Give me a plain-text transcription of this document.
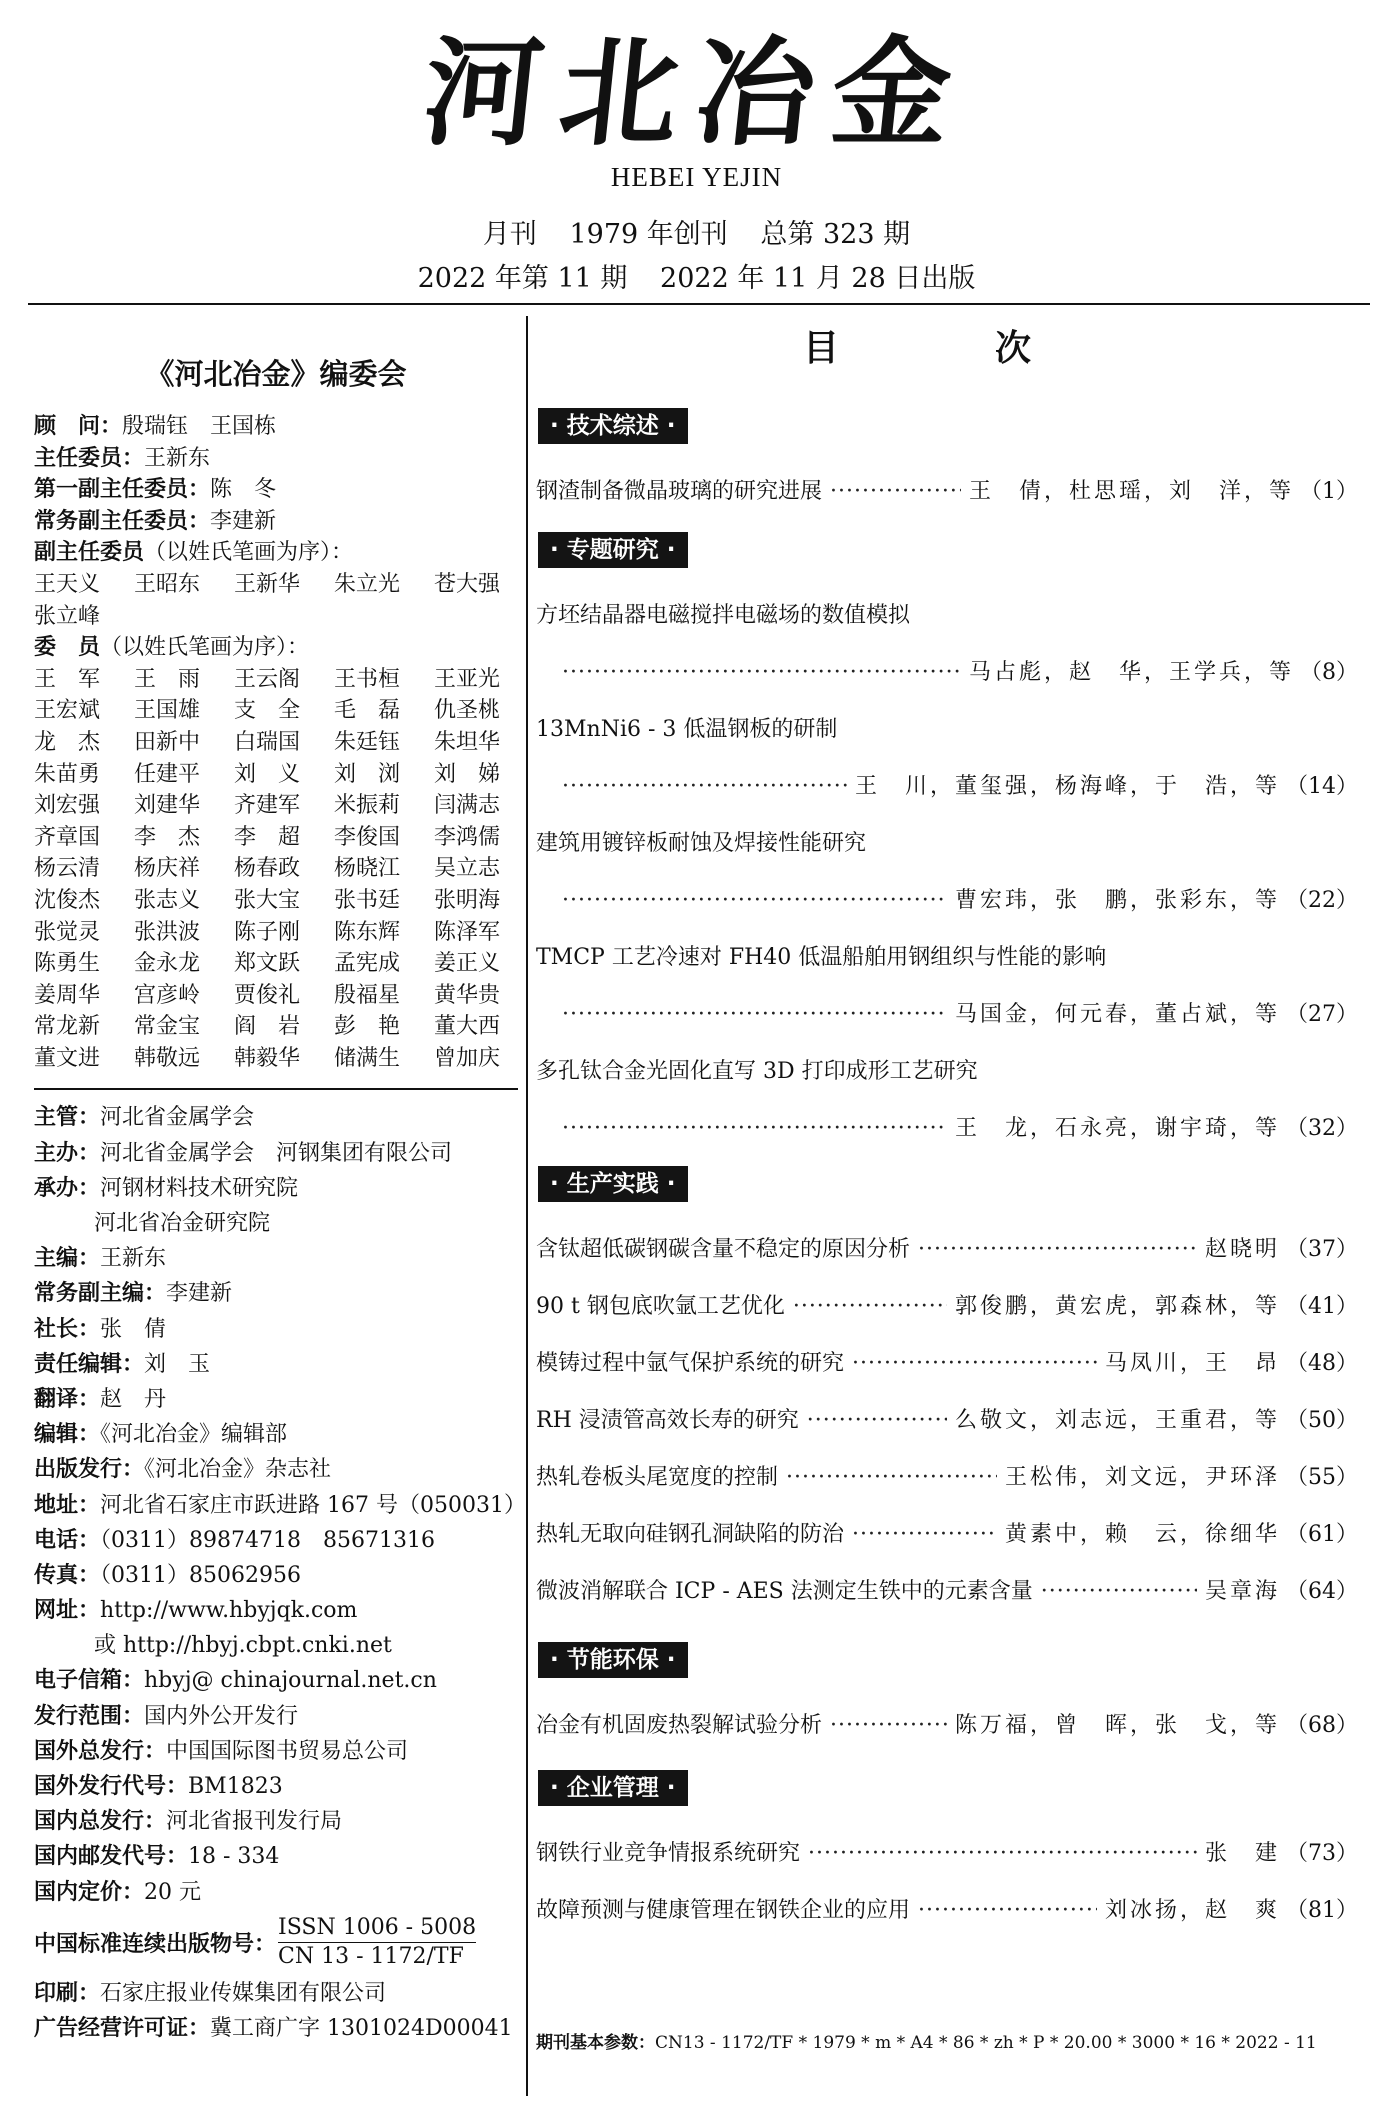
河北冶金
HEBEI YEJIN
月刊 1979 年创刊 总第 323 期
2022 年第 11 期 2022 年 11 月 28 日出版
《河北冶金》编委会
顾　问：殷瑞钰　王国栋
主任委员：王新东
第一副主任委员：陈　冬
常务副主任委员：李建新
副主任委员（以姓氏笔画为序）：
王天义	王昭东	王新华	朱立光	苍大强
张立峰
委　员（以姓氏笔画为序）：
王　军	王　雨	王云阁	王书桓	王亚光
王宏斌	王国雄	支　全	毛　磊	仇圣桃
龙　杰	田新中	白瑞国	朱廷钰	朱坦华
朱苗勇	任建平	刘　义	刘　浏	刘　娣
刘宏强	刘建华	齐建军	米振莉	闫满志
齐章国	李　杰	李　超	李俊国	李鸿儒
杨云清	杨庆祥	杨春政	杨晓江	吴立志
沈俊杰	张志义	张大宝	张书廷	张明海
张觉灵	张洪波	陈子刚	陈东辉	陈泽军
陈勇生	金永龙	郑文跃	孟宪成	姜正义
姜周华	宫彦岭	贾俊礼	殷福星	黄华贵
常龙新	常金宝	阎　岩	彭　艳	董大西
董文进	韩敬远	韩毅华	储满生	曾加庆
主管：河北省金属学会
主办：河北省金属学会　河钢集团有限公司
承办：河钢材料技术研究院
河北省冶金研究院
主编：王新东
常务副主编：李建新
社长：张　倩
责任编辑：刘　玉
翻译：赵　丹
编辑：《河北冶金》编辑部
出版发行：《河北冶金》杂志社
地址：河北省石家庄市跃进路 167 号（050031）
电话：（0311）89874718　85671316
传真：（0311）85062956
网址：http://www.hbyjqk.com
或 http://hbyj.cbpt.cnki.net
电子信箱：hbyj@ chinajournal.net.cn
发行范围：国内外公开发行
国外总发行：中国国际图书贸易总公司
国外发行代号：BM1823
国内总发行：河北省报刊发行局
国内邮发代号：18 - 334
国内定价：20 元
中国标准连续出版物号： $\frac{\text{ISSN 1006 - 5008}}{CN 13 - 1172/TF}$
印刷：石家庄报业传媒集团有限公司
广告经营许可证：冀工商广字 1301024D00041
目　次
· 技术综述 ·
钢渣制备微晶玻璃的研究进展 ·····	王　倩，杜思瑶，刘　洋，等 （1）
· 专题研究 ·
方坯结晶器电磁搅拌电磁场的数值模拟
·····
马占彪，赵　华，王学兵，等 （8）
13MnNi6 - 3 低温钢板的研制
·····
王　川，董玺强，杨海峰，于　浩，等 （14）
建筑用镀锌板耐蚀及焊接性能研究
·····
曹宏玮，张　鹏，张彩东，等 （22）
TMCP 工艺冷速对 FH40 低温船舶用钢组织与性能的影响
·····
马国金，何元春，董占斌，等 （27）
多孔钛合金光固化直写 3D 打印成形工艺研究
·····
王　龙，石永亮，谢宇琦，等 （32）
· 生产实践 ·
含钛超低碳钢碳含量不稳定的原因分析 ·····	赵晓明 （37）
90 t 钢包底吹氩工艺优化 ·····	郭俊鹏，黄宏虎，郭森林，等 （41）
模铸过程中氩气保护系统的研究 ·····	马凤川，王　昂 （48）
RH 浸渍管高效长寿的研究 ·····	么敬文，刘志远，王重君，等 （50）
热轧卷板头尾宽度的控制 ·····	王松伟，刘文远，尹环泽 （55）
热轧无取向硅钢孔洞缺陷的防治 ·····	黄素中，赖　云，徐细华 （61）
微波消解联合 ICP - AES 法测定生铁中的元素含量 ·····	吴章海 （64）
· 节能环保 ·
冶金有机固废热裂解试验分析 ·····	陈万福，曾　晖，张　戈，等 （68）
· 企业管理 ·
钢铁行业竞争情报系统研究 ·····	张　建 （73）
故障预测与健康管理在钢铁企业的应用 ·····	刘冰扬，赵　爽 （81）
期刊基本参数：CN13 - 1172/TF * 1979 * m * A4 * 86 * zh * P * 20.00 * 3000 * 16 * 2022 - 11
